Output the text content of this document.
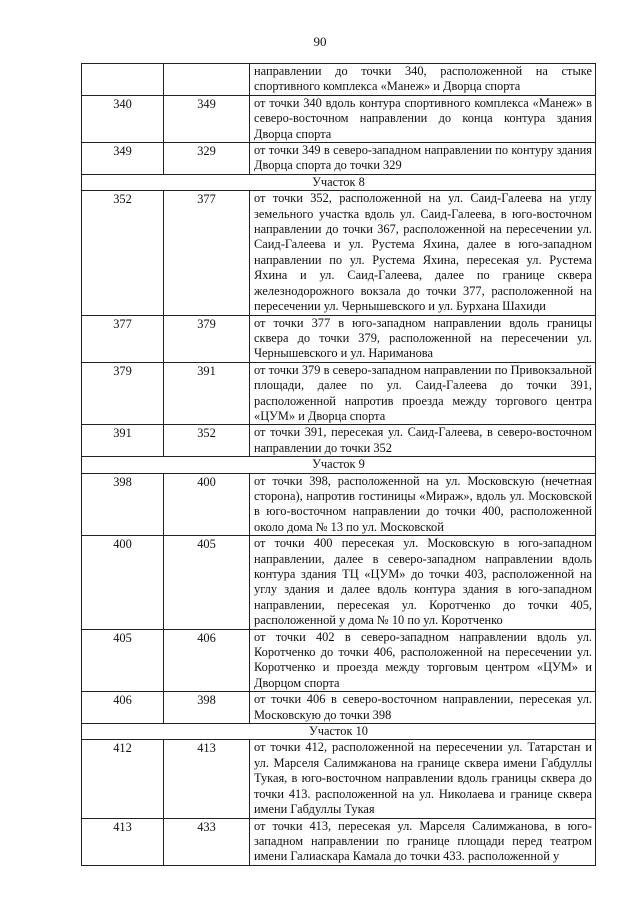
90
		направлении до точки 340, расположенной на стыке спортивного комплекса «Манеж» и Дворца спорта
340	349	от точки 340 вдоль контура спортивного комплекса «Манеж» в северо-восточном направлении до конца контура здания Дворца спорта
349	329	от точки 349 в северо-западном направлении по контуру здания Дворца спорта до точки 329
Участок 8		
352	377	от точки 352, расположенной на ул. Саид-Галеева на углу земельного участка вдоль ул. Саид-Галеева, в юго-восточном направлении до точки 367, расположенной на пересечении ул. Саид-Галеева и ул. Рустема Яхина, далее в юго-западном направлении по ул. Рустема Яхина, пересекая ул. Рустема Яхина и ул. Саид-Галеева, далее по границе сквера железнодорожного вокзала до точки 377, расположенной на пересечении ул. Чернышевского и ул. Бурхана Шахиди
377	379	от точки 377 в юго-западном направлении вдоль границы сквера до точки 379, расположенной на пересечении ул. Чернышевского и ул. Нариманова
379	391	от точки 379 в северо-западном направлении по Привокзальной площади, далее по ул. Саид-Галеева до точки 391, расположенной напротив проезда между торгового центра «ЦУМ» и Дворца спорта
391	352	от точки 391, пересекая ул. Саид-Галеева, в северо-восточном направлении до точки 352
Участок 9		
398	400	от точки 398, расположенной на ул. Московскую (нечетная сторона), напротив гостиницы «Мираж», вдоль ул. Московской в юго-восточном направлении до точки 400, расположенной около дома № 13 по ул. Московской
400	405	от точки 400 пересекая ул. Московскую в юго-западном направлении, далее в северо-западном направлении вдоль контура здания ТЦ «ЦУМ» до точки 403, расположенной на углу здания и далее вдоль контура здания в юго-западном направлении, пересекая ул. Коротченко до точки 405, расположенной у дома № 10 по ул. Коротченко
405	406	от точки 402 в северо-западном направлении вдоль ул. Коротченко до точки 406, расположенной на пересечении ул. Коротченко и проезда между торговым центром «ЦУМ» и Дворцом спорта
406	398	от точки 406 в северо-восточном направлении, пересекая ул. Московскую до точки 398
Участок 10		
412	413	от точки 412, расположенной на пересечении ул. Татарстан и ул. Марселя Салимжанова на границе сквера имени Габдуллы Тукая, в юго-восточном направлении вдоль границы сквера до точки 413. расположенной на ул. Николаева и границе сквера имени Габдуллы Тукая
413	433	от точки 413, пересекая ул. Марселя Салимжанова, в юго-западном направлении по границе площади перед театром имени Галиаскара Камала до точки 433. расположенной у
